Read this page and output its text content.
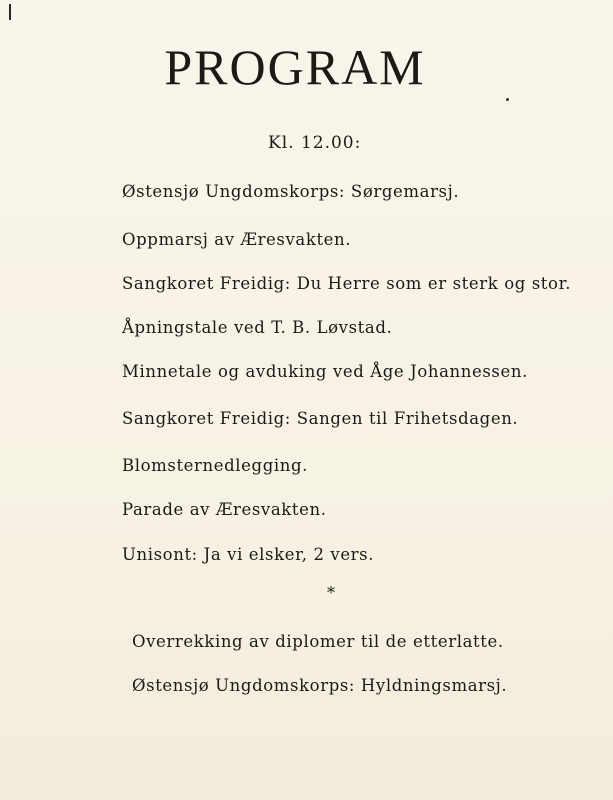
PROGRAM
Kl. 12.00:
Østensjø Ungdomskorps: Sørgemarsj.
Oppmarsj av Æresvakten.
Sangkoret Freidig: Du Herre som er sterk og stor.
Åpningstale ved T. B. Løvstad.
Minnetale og avduking ved Åge Johannessen.
Sangkoret Freidig: Sangen til Frihetsdagen.
Blomsternedlegging.
Parade av Æresvakten.
Unisont: Ja vi elsker, 2 vers.
*
Overrekking av diplomer til de etterlatte.
Østensjø Ungdomskorps: Hyldningsmarsj.
